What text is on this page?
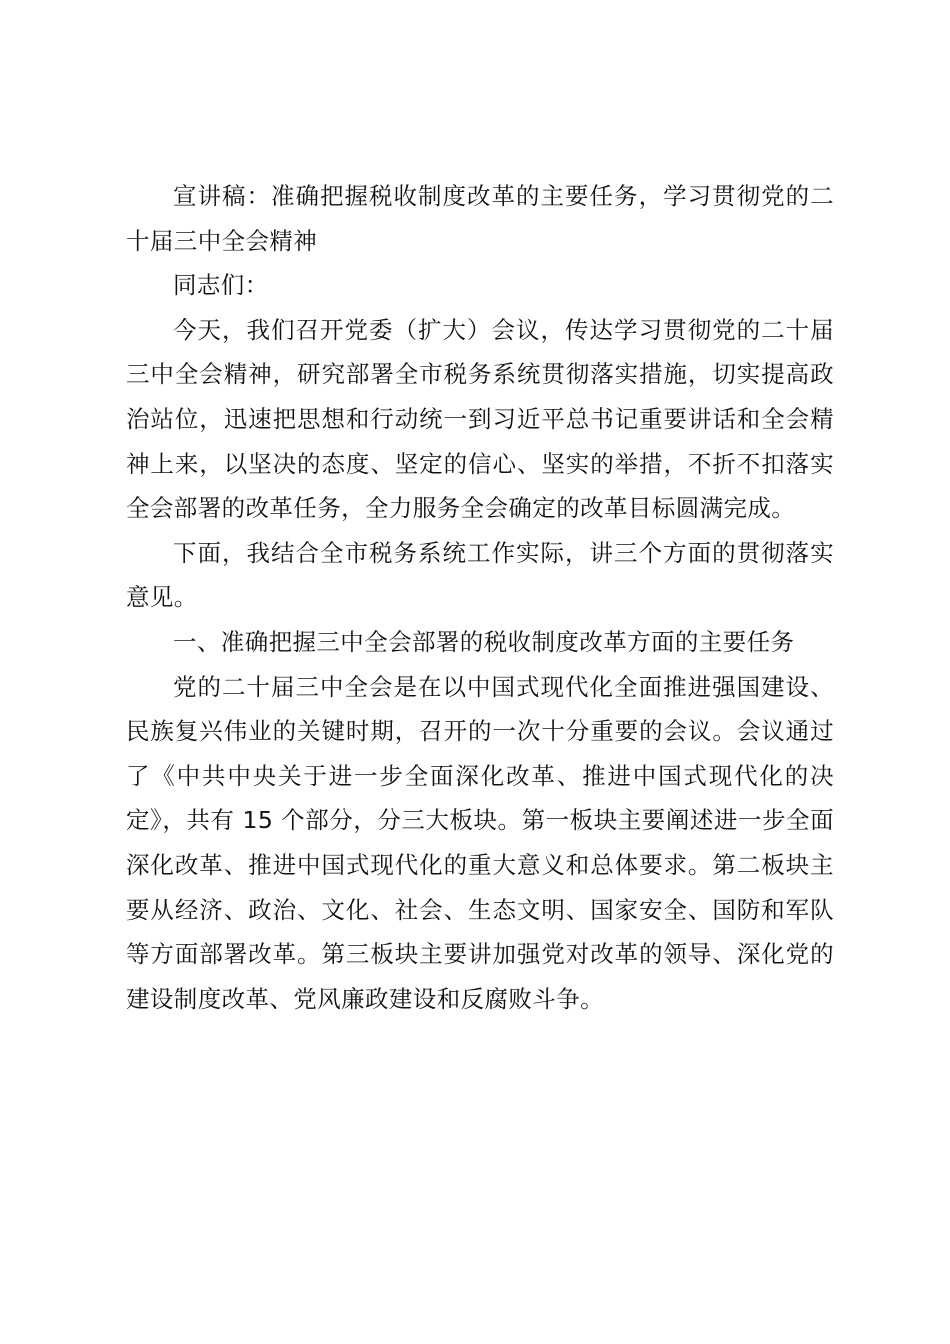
宣讲稿：准确把握税收制度改革的主要任务，学习贯彻党的二十届三中全会精神

同志们：

今天，我们召开党委（扩大）会议，传达学习贯彻党的二十届三中全会精神，研究部署全市税务系统贯彻落实措施，切实提高政治站位，迅速把思想和行动统一到习近平总书记重要讲话和全会精神上来，以坚决的态度、坚定的信心、坚实的举措，不折不扣落实全会部署的改革任务，全力服务全会确定的改革目标圆满完成。

下面，我结合全市税务系统工作实际，讲三个方面的贯彻落实意见。

一、准确把握三中全会部署的税收制度改革方面的主要任务

党的二十届三中全会是在以中国式现代化全面推进强国建设、民族复兴伟业的关键时期，召开的一次十分重要的会议。会议通过了《中共中央关于进一步全面深化改革、推进中国式现代化的决定》，共有 15 个部分，分三大板块。第一板块主要阐述进一步全面深化改革、推进中国式现代化的重大意义和总体要求。第二板块主要从经济、政治、文化、社会、生态文明、国家安全、国防和军队等方面部署改革。第三板块主要讲加强党对改革的领导、深化党的建设制度改革、党风廉政建设和反腐败斗争。
